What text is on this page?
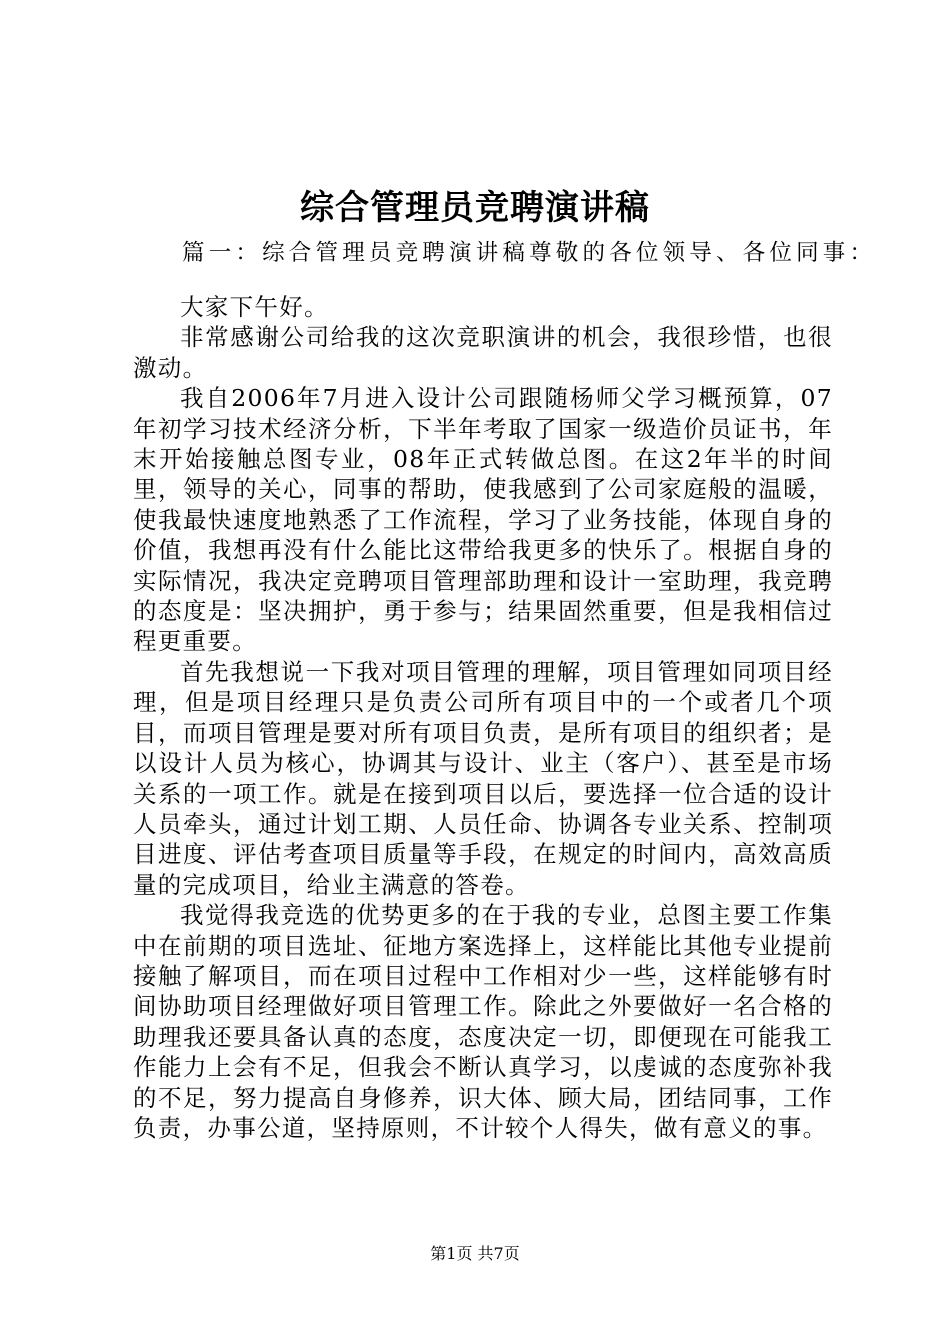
综合管理员竞聘演讲稿
篇一：综合管理员竞聘演讲稿尊敬的各位领导、各位同事：

大家下午好。

非常感谢公司给我的这次竞职演讲的机会，我很珍惜，也很激动。

我自2006年7月进入设计公司跟随杨师父学习概预算，07年初学习技术经济分析，下半年考取了国家一级造价员证书，年末开始接触总图专业，08年正式转做总图。在这2年半的时间里，领导的关心，同事的帮助，使我感到了公司家庭般的温暖，使我最快速度地熟悉了工作流程，学习了业务技能，体现自身的价值，我想再没有什么能比这带给我更多的快乐了。根据自身的实际情况，我决定竞聘项目管理部助理和设计一室助理，我竞聘的态度是：坚决拥护，勇于参与；结果固然重要，但是我相信过程更重要。

首先我想说一下我对项目管理的理解，项目管理如同项目经理，但是项目经理只是负责公司所有项目中的一个或者几个项目，而项目管理是要对所有项目负责，是所有项目的组织者；是以设计人员为核心，协调其与设计、业主（客户）、甚至是市场关系的一项工作。就是在接到项目以后，要选择一位合适的设计人员牵头，通过计划工期、人员任命、协调各专业关系、控制项目进度、评估考查项目质量等手段，在规定的时间内，高效高质量的完成项目，给业主满意的答卷。

我觉得我竞选的优势更多的在于我的专业，总图主要工作集中在前期的项目选址、征地方案选择上，这样能比其他专业提前接触了解项目，而在项目过程中工作相对少一些，这样能够有时间协助项目经理做好项目管理工作。除此之外要做好一名合格的助理我还要具备认真的态度，态度决定一切，即便现在可能我工作能力上会有不足，但我会不断认真学习，以虔诚的态度弥补我的不足，努力提高自身修养，识大体、顾大局，团结同事，工作负责，办事公道，坚持原则，不计较个人得失，做有意义的事。

第1页 共7页
